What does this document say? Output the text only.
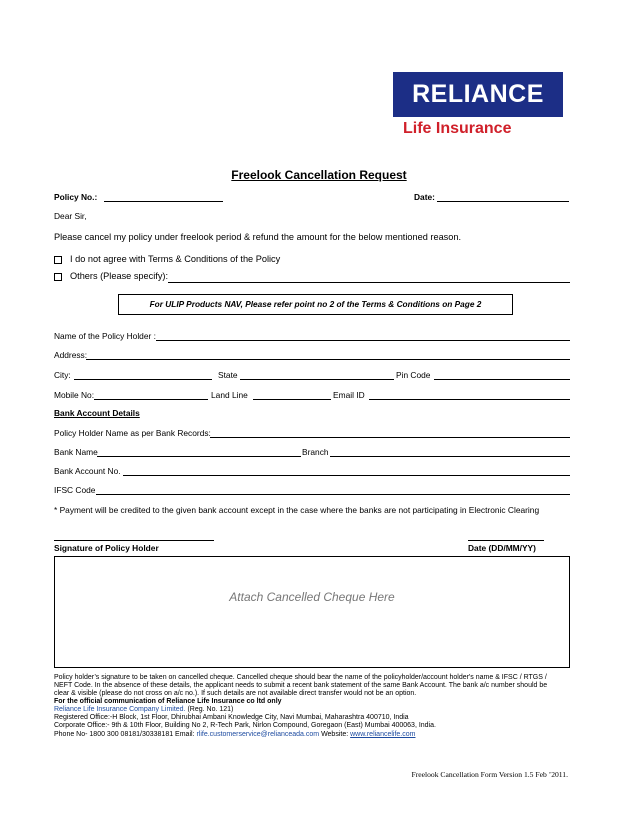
RELIANCE
Life Insurance
Freelook Cancellation Request
Policy No.:	Date:
Dear Sir,
Please cancel my policy under freelook period & refund the amount for the below mentioned reason.
I do not agree with Terms & Conditions of the Policy
Others (Please specify):
For ULIP Products NAV, Please refer point no 2 of the Terms & Conditions on Page 2
Name of the Policy Holder :
Address:
City:	State	Pin Code
Mobile No:	Land Line	Email ID
Bank Account Details
Policy Holder Name as per Bank Records:
Bank Name	Branch
Bank Account No.
IFSC Code
* Payment will be credited to the given bank account except in the case where the banks are not participating in Electronic Clearing
Signature of Policy Holder	Date (DD/MM/YY)
Attach Cancelled Cheque Here
Policy holder’s signature to be taken on cancelled cheque. Cancelled cheque should bear the name of the policyholder/account holder's name & IFSC / RTGS /
NEFT Code. In the absence of these details, the applicant needs to submit a recent bank statement of the same Bank Account. The bank a/c number should be
clear & visible (please do not cross on a/c no.). If such details are not available direct transfer would not be an option.
For the official communication of Reliance Life Insurance co ltd only
Reliance Life Insurance Company Limited. (Reg. No. 121)
Registered Office:-H Block, 1st Floor, Dhirubhai Ambani Knowledge City, Navi Mumbai, Maharashtra 400710, India
Corporate Office:- 9th & 10th Floor, Building No 2, R-Tech Park, Nirlon Compound, Goregaon (East) Mumbai 400063, India.
Phone No- 1800 300 08181/30338181 Email: rlife.customerservice@relianceada.com Website: www.reliancelife.com
Freelook Cancellation Form Version 1.5 Feb ’2011.
